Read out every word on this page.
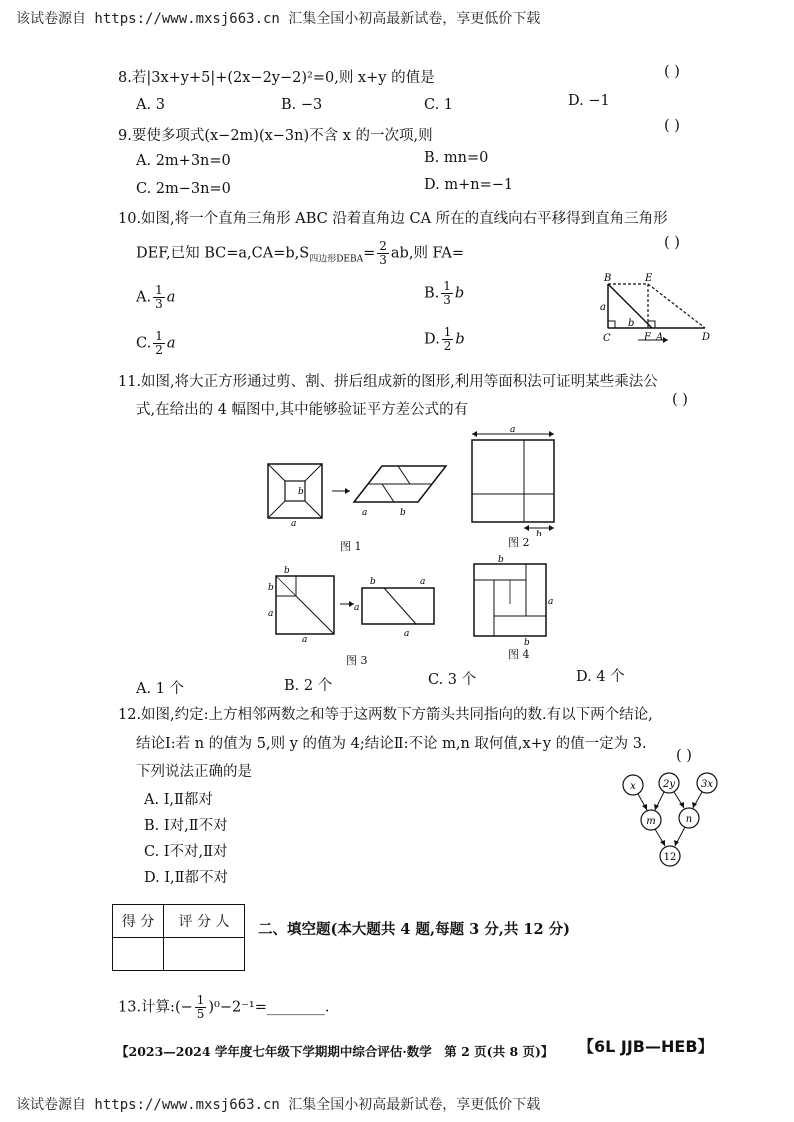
该试卷源自 https://www.mxsj663.cn 汇集全国小初高最新试卷，享更低价下载
8.若|3x+y+5|+(2x−2y−2)²=0,则 x+y 的值是	( )
A. 3	B. −3	C. 1	D. −1
9.要使多项式(x−2m)(x−3n)不含 x 的一次项,则
( )
A. 2m+3n=0	B. mn=0
C. 2m−3n=0	D. m+n=−1
10.如图,将一个直角三角形 ABC 沿着直角边 CA 所在的直线向右平移得到直角三角形
DEF,已知 $BC=a,CA=b,S_{四边形DEBA}= \frac{2}{3}$ ab,则 FA=
( )
A. $\frac{1}{3}$ a	B. $\frac{1}{3}$ b
C. $\frac{1}{2}$ a	D. $\frac{1}{2}$ b
B	E
C	F A	D
a
b
11.如图,将大正方形通过剪、割、拼后组成新的图形,利用等面积法可证明某些乘法公
式,在给出的 4 幅图中,其中能够验证平方差公式的有
( )
a
b
a	b
图 1
a
b
图 2
b
b
a
a
b	a
a
a
图 3
b
a
b
图 4
A. 1 个	B. 2 个	C. 3 个	D. 4 个
12.如图,约定:上方相邻两数之和等于这两数下方箭头共同指向的数.有以下两个结论,
结论Ⅰ:若 n 的值为 5,则 y 的值为 4;结论Ⅱ:不论 m,n 取何值,x+y 的值一定为 3.
( )
下列说法正确的是
A. Ⅰ,Ⅱ都对
B. Ⅰ对,Ⅱ不对
C. Ⅰ不对,Ⅱ对
D. Ⅰ,Ⅱ都不对
x	2y	3x
m	n
12
得 分	评 分 人
	二、填空题(本大题共 4 题,每题 3 分,共 12 分)
13.计算:(− $\frac{1}{5}$ )⁰−2⁻¹=________.
【2023—2024 学年度七年级下学期期中综合评估·数学　第 2 页(共 8 页)】 【6L JJB—HEB】
该试卷源自 https://www.mxsj663.cn 汇集全国小初高最新试卷，享更低价下载
